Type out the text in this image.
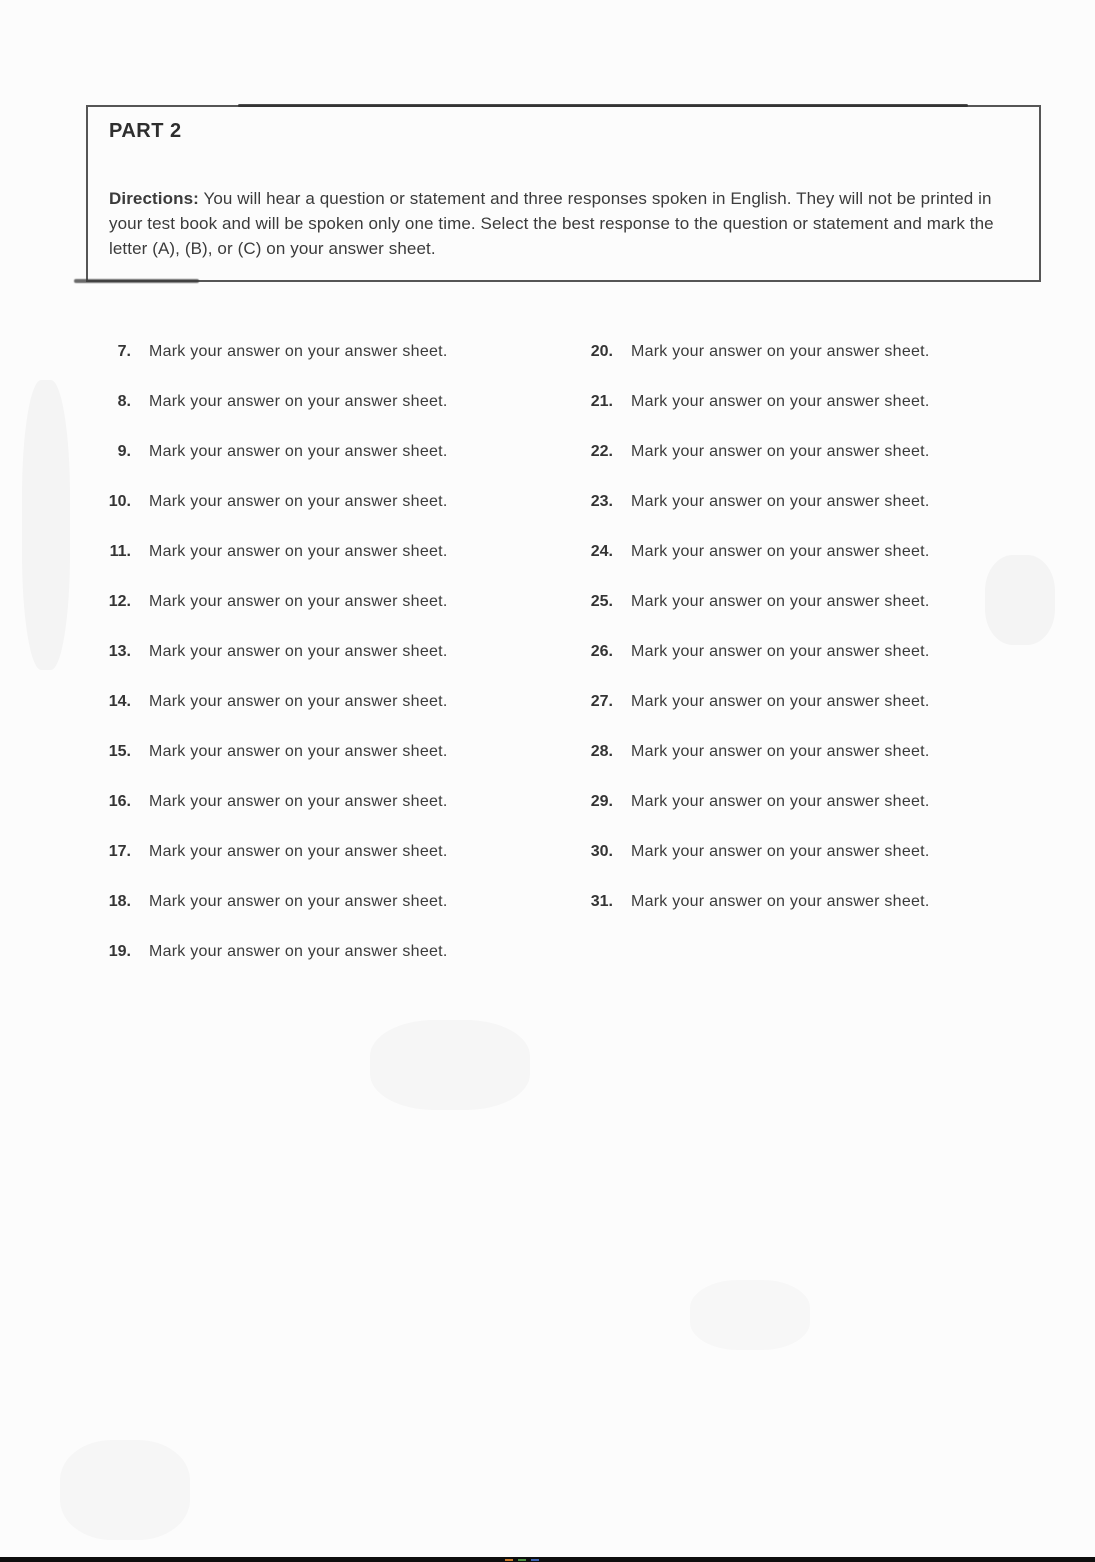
PART 2
Directions: You will hear a question or statement and three responses spoken in English. They will not be printed in your test book and will be spoken only one time. Select the best response to the question or statement and mark the letter (A), (B), or (C) on your answer sheet.
7. Mark your answer on your answer sheet.
8. Mark your answer on your answer sheet.
9. Mark your answer on your answer sheet.
10. Mark your answer on your answer sheet.
11. Mark your answer on your answer sheet.
12. Mark your answer on your answer sheet.
13. Mark your answer on your answer sheet.
14. Mark your answer on your answer sheet.
15. Mark your answer on your answer sheet.
16. Mark your answer on your answer sheet.
17. Mark your answer on your answer sheet.
18. Mark your answer on your answer sheet.
19. Mark your answer on your answer sheet.
20. Mark your answer on your answer sheet.
21. Mark your answer on your answer sheet.
22. Mark your answer on your answer sheet.
23. Mark your answer on your answer sheet.
24. Mark your answer on your answer sheet.
25. Mark your answer on your answer sheet.
26. Mark your answer on your answer sheet.
27. Mark your answer on your answer sheet.
28. Mark your answer on your answer sheet.
29. Mark your answer on your answer sheet.
30. Mark your answer on your answer sheet.
31. Mark your answer on your answer sheet.
